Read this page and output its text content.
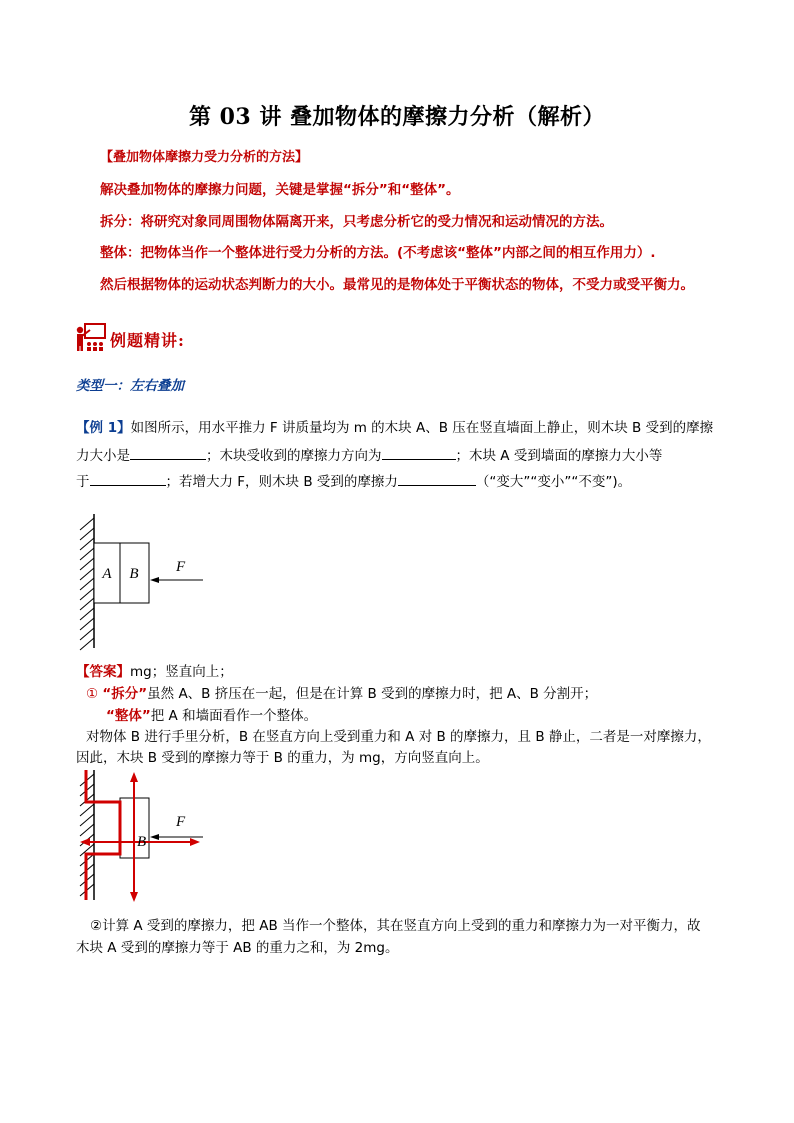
第 03 讲 叠加物体的摩擦力分析（解析）
【叠加物体摩擦力受力分析的方法】
解决叠加物体的摩擦力问题，关键是掌握“拆分”和“整体”。
拆分：将研究对象同周围物体隔离开来，只考虑分析它的受力情况和运动情况的方法。
整体：把物体当作一个整体进行受力分析的方法。(不考虑该“整体”内部之间的相互作用力）.
然后根据物体的运动状态判断力的大小。最常见的是物体处于平衡状态的物体，不受力或受平衡力。
例题精讲:
类型一：左右叠加
【例 1】如图所示，用水平推力 F 讲质量均为 m 的木块 A、B 压在竖直墙面上静止，则木块 B 受到的摩擦
力大小是	；木块受收到的摩擦力方向为	；木块 A 受到墙面的摩擦力大小等
于	；若增大力 F，则木块 B 受到的摩擦力	（“变大”“变小”“不变”)。
A B F
【答案】mg；竖直向上；
① “拆分”虽然 A、B 挤压在一起，但是在计算 B 受到的摩擦力时，把 A、B 分割开；
“整体”把 A 和墙面看作一个整体。
对物体 B 进行手里分析，B 在竖直方向上受到重力和 A 对 B 的摩擦力，且 B 静止，二者是一对摩擦力，
因此，木块 B 受到的摩擦力等于 B 的重力，为 mg，方向竖直向上。
B
F
②计算 A 受到的摩擦力，把 AB 当作一个整体，其在竖直方向上受到的重力和摩擦力为一对平衡力，故
木块 A 受到的摩擦力等于 AB 的重力之和，为 2mg。
